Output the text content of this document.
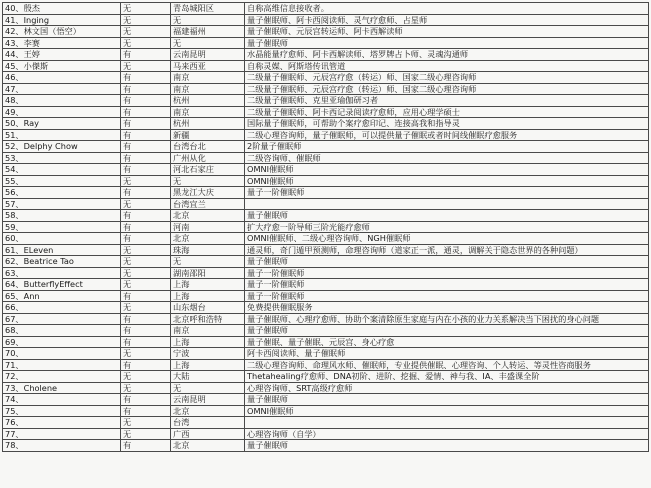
40、殷杰	无	青岛城阳区	自称高维信息接收者。
41、Inging	无	无	量子催眠师、阿卡西阅读师、灵气疗愈师、占星师
42、林文国（悟空）	无	福建福州	量子催眠师、元辰宫转运师、阿卡西解读师
43、李赛	无	无	量子催眠师
44、王婷	有	云南昆明	水晶能量疗愈师、阿卡西解读师、塔罗牌占卜师、灵魂沟通师
45、小傑斯	无	马来西亚	自称灵媒、阿斯塔传讯管道
46、	有	南京	二级量子催眠师、元辰宫疗愈（转运）师、国家二级心理咨询师
47、	有	南京	二级量子催眠师、元辰宫疗愈（转运）师、国家二级心理咨询师
48、	有	杭州	二级量子催眠师、克里亚瑜伽研习者
49、	有	南京	二级量子催眠师、阿卡西记录阅读疗愈师，应用心理学硕士
50、Ray	有	杭州	国际量子催眠师，可帮助个案疗愈印记、连接高我和指导灵
51、	有	新疆	二级心理咨询师，量子催眠师，可以提供量子催眠或者时间线催眠疗愈服务
52、Delphy Chow	有	台湾台北	2阶量子催眠师
53、	有	广州从化	二级咨询师、催眠师
54、	有	河北石家庄	OMNI催眠师
55、	无	无	OMNI催眠师
56、	有	黑龙江大庆	量子一阶催眠师
57、	无	台湾宜兰	
58、	有	北京	量子催眠师
59、	有	河南	扩大疗愈一阶导师三阶光能疗愈师
60、	有	北京	OMNI催眠师、二级心理咨询师、NGH催眠师
61、ELeven	无	珠海	通灵师，奇门遁甲预测师，命理咨询师（道家正一派，通灵，调解关于隐态世界的各种问题）
62、Beatrice Tao	无	无	量子催眠师
63、	无	湖南邵阳	量子一阶催眠师
64、ButterflyEffect	无	上海	量子一阶催眠师
65、Ann	有	上海	量子一阶催眠师
66、	无	山东烟台	免费提供催眠服务
67、	有	北京呼和浩特	量子催眠师、心理疗愈师、协助个案清除原生家庭与内在小孩的业力关系解决当下困扰的身心问题
68、	有	南京	量子催眠师
69、	有	上海	量子催眠、量子催眠、元辰宫、身心疗愈
70、	无	宁波	阿卡西阅读师、量子催眠师
71、	有	上海	二级心理咨询师、命理风水师、催眠师，专业提供催眠、心理咨询、个人转运、等灵性咨商服务
72、	无	大陆	Thetahealing疗愈师、DNA初阶、进阶、挖掘、爱情、神与我、IA、丰盛课全阶
73、Cholene	无	无	心理咨询师、SRT高级疗愈师
74、	有	云南昆明	量子催眠师
75、	有	北京	OMNI催眠师
76、	无	台湾	
77、	无	广西	心理咨询师（自学）
78、	有	北京	量子催眠师
